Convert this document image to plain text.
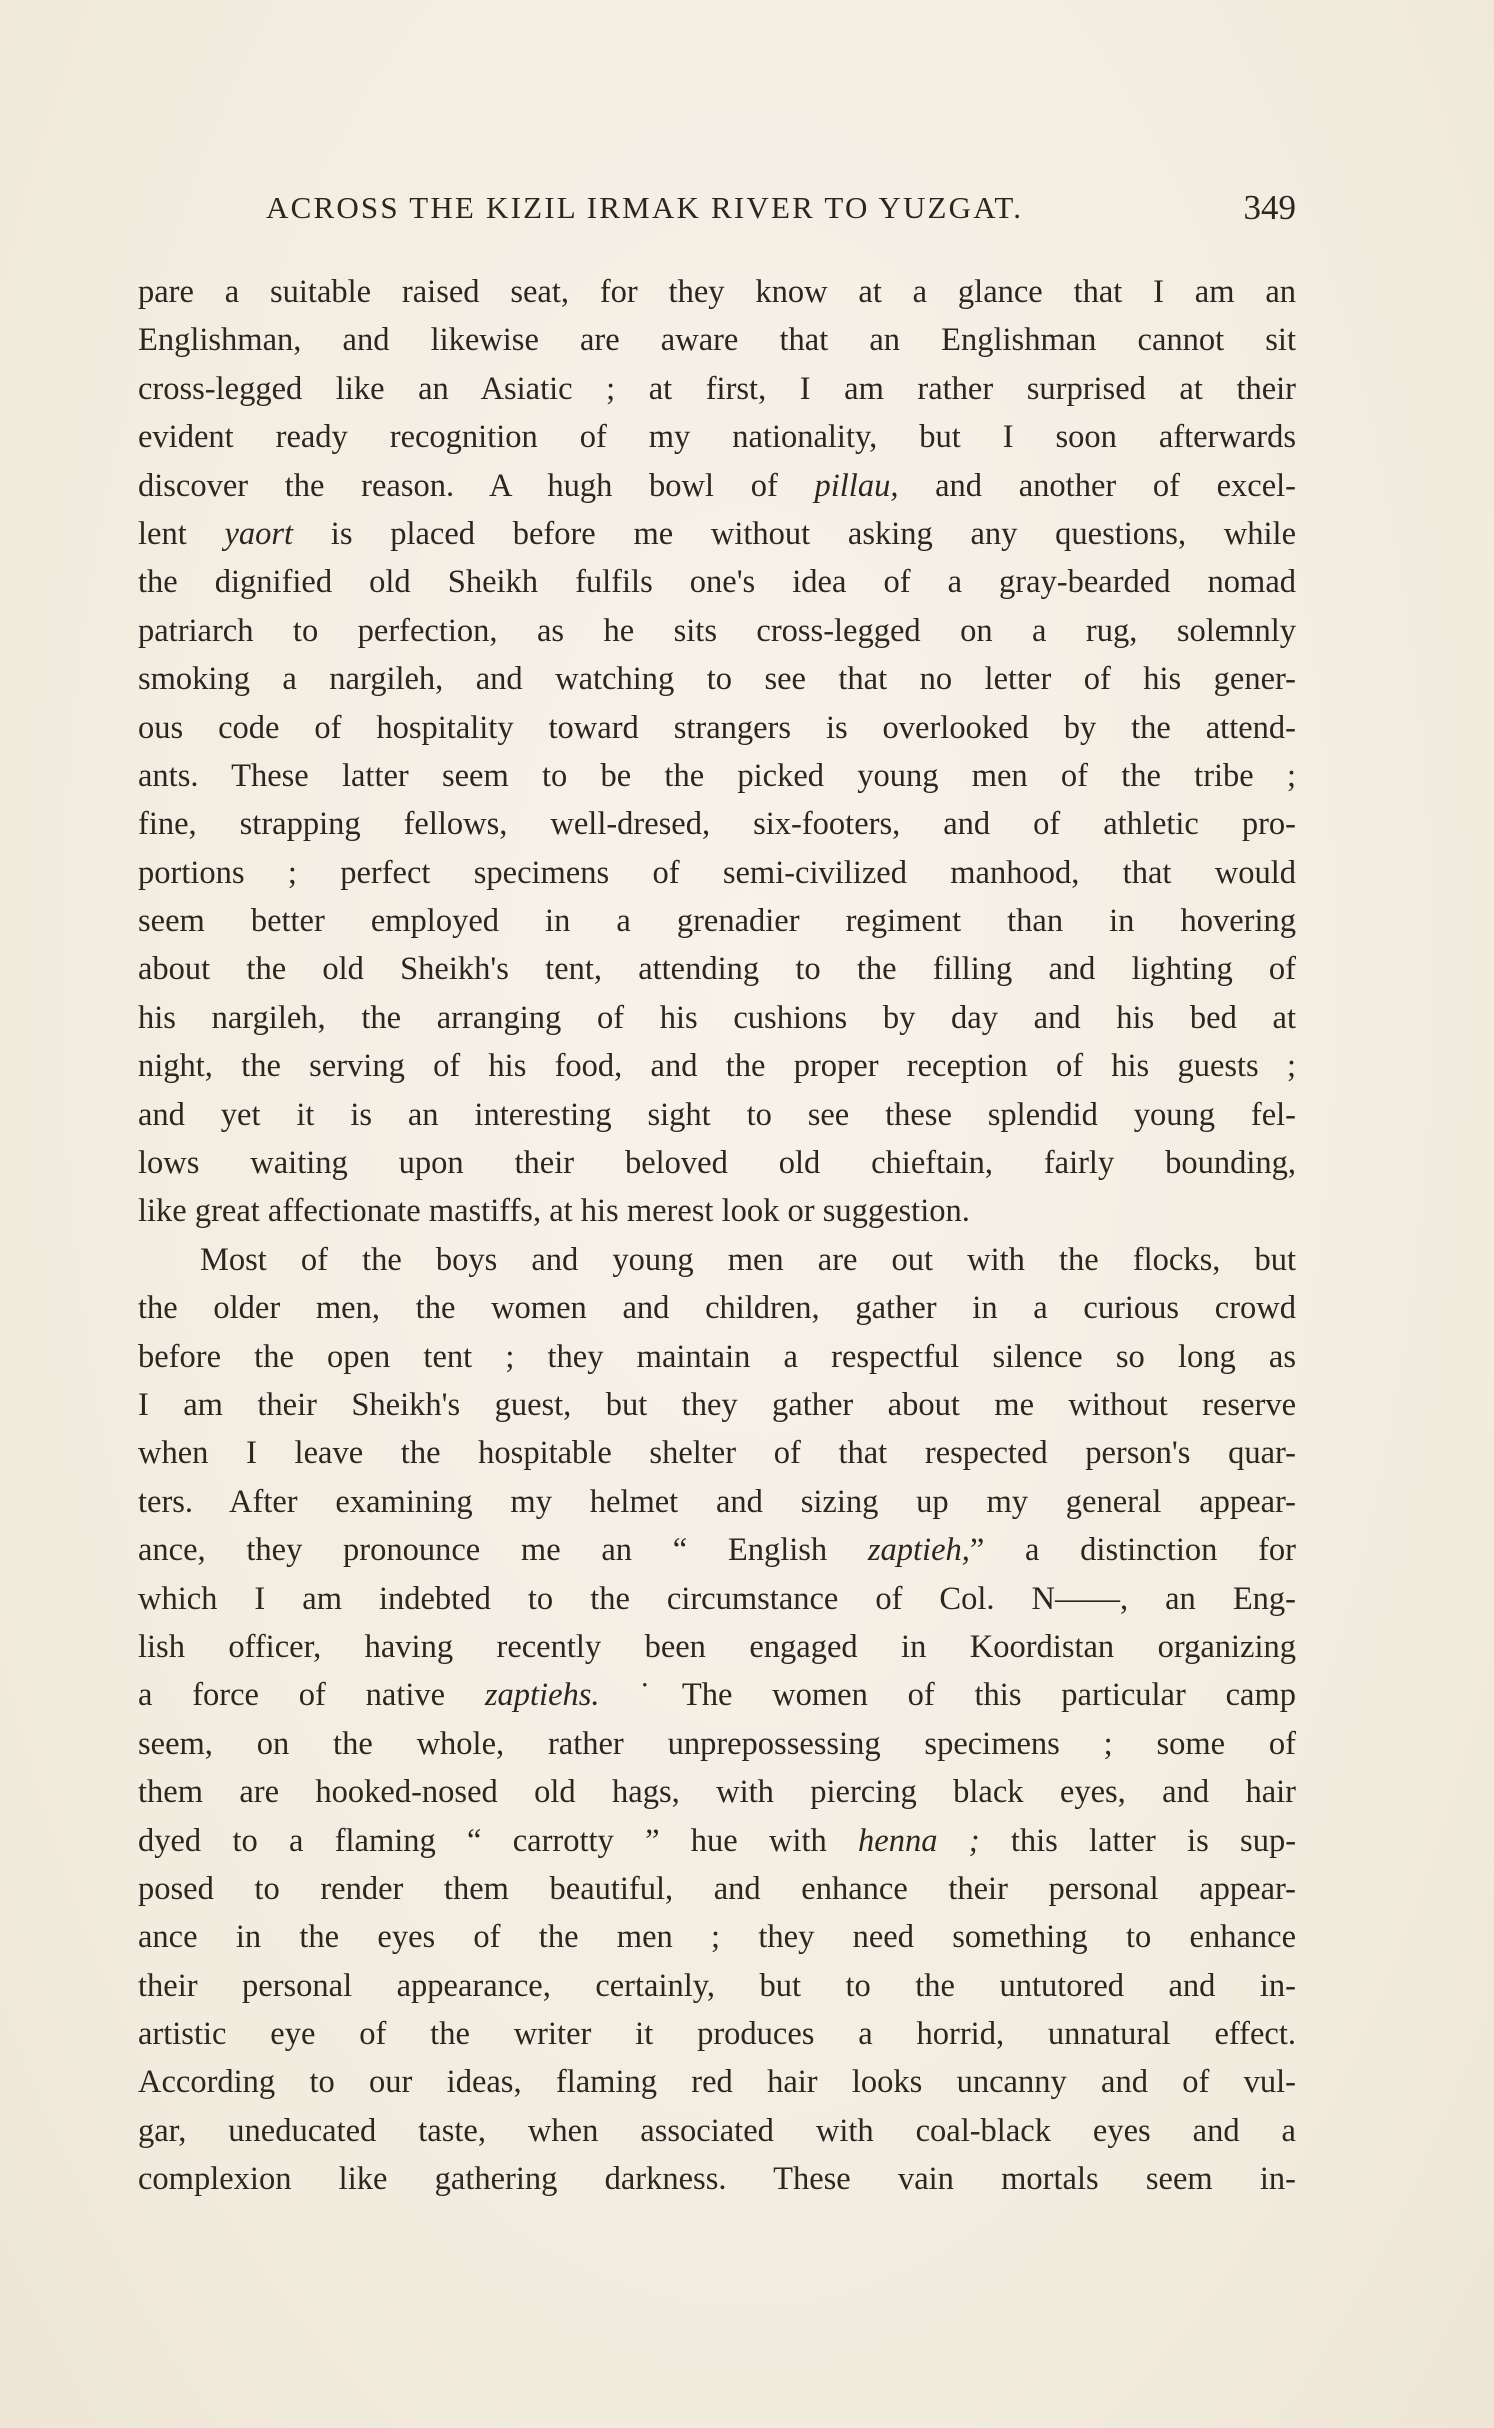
ACROSS THE KIZIL IRMAK RIVER TO YUZGAT.	349
pare a suitable raised seat, for they know at a glance that I am an
Englishman, and likewise are aware that an Englishman cannot sit
cross-legged like an Asiatic ; at first, I am rather surprised at their
evident ready recognition of my nationality, but I soon afterwards
discover the reason. A hugh bowl of pillau, and another of excel-
lent yaort is placed before me without asking any questions, while
the dignified old Sheikh fulfils one's idea of a gray-bearded nomad
patriarch to perfection, as he sits cross-legged on a rug, solemnly
smoking a nargileh, and watching to see that no letter of his gener-
ous code of hospitality toward strangers is overlooked by the attend-
ants. These latter seem to be the picked young men of the tribe ;
fine, strapping fellows, well-dresed, six-footers, and of athletic pro-
portions ; perfect specimens of semi-civilized manhood, that would
seem better employed in a grenadier regiment than in hovering
about the old Sheikh's tent, attending to the filling and lighting of
his nargileh, the arranging of his cushions by day and his bed at
night, the serving of his food, and the proper reception of his guests ;
and yet it is an interesting sight to see these splendid young fel-
lows waiting upon their beloved old chieftain, fairly bounding,
like great affectionate mastiffs, at his merest look or suggestion.
Most of the boys and young men are out with the flocks, but
the older men, the women and children, gather in a curious crowd
before the open tent ; they maintain a respectful silence so long as
I am their Sheikh's guest, but they gather about me without reserve
when I leave the hospitable shelter of that respected person's quar-
ters. After examining my helmet and sizing up my general appear-
ance, they pronounce me an “ English zaptieh,” a distinction for
which I am indebted to the circumstance of Col. N——, an Eng-
lish officer, having recently been engaged in Koordistan organizing
a force of native zaptiehs. ˙The women of this particular camp
seem, on the whole, rather unprepossessing specimens ; some of
them are hooked-nosed old hags, with piercing black eyes, and hair
dyed to a flaming “ carrotty ” hue with henna ; this latter is sup-
posed to render them beautiful, and enhance their personal appear-
ance in the eyes of the men ; they need something to enhance
their personal appearance, certainly, but to the untutored and in-
artistic eye of the writer it produces a horrid, unnatural effect.
According to our ideas, flaming red hair looks uncanny and of vul-
gar, uneducated taste, when associated with coal-black eyes and a
complexion like gathering darkness. These vain mortals seem in-
